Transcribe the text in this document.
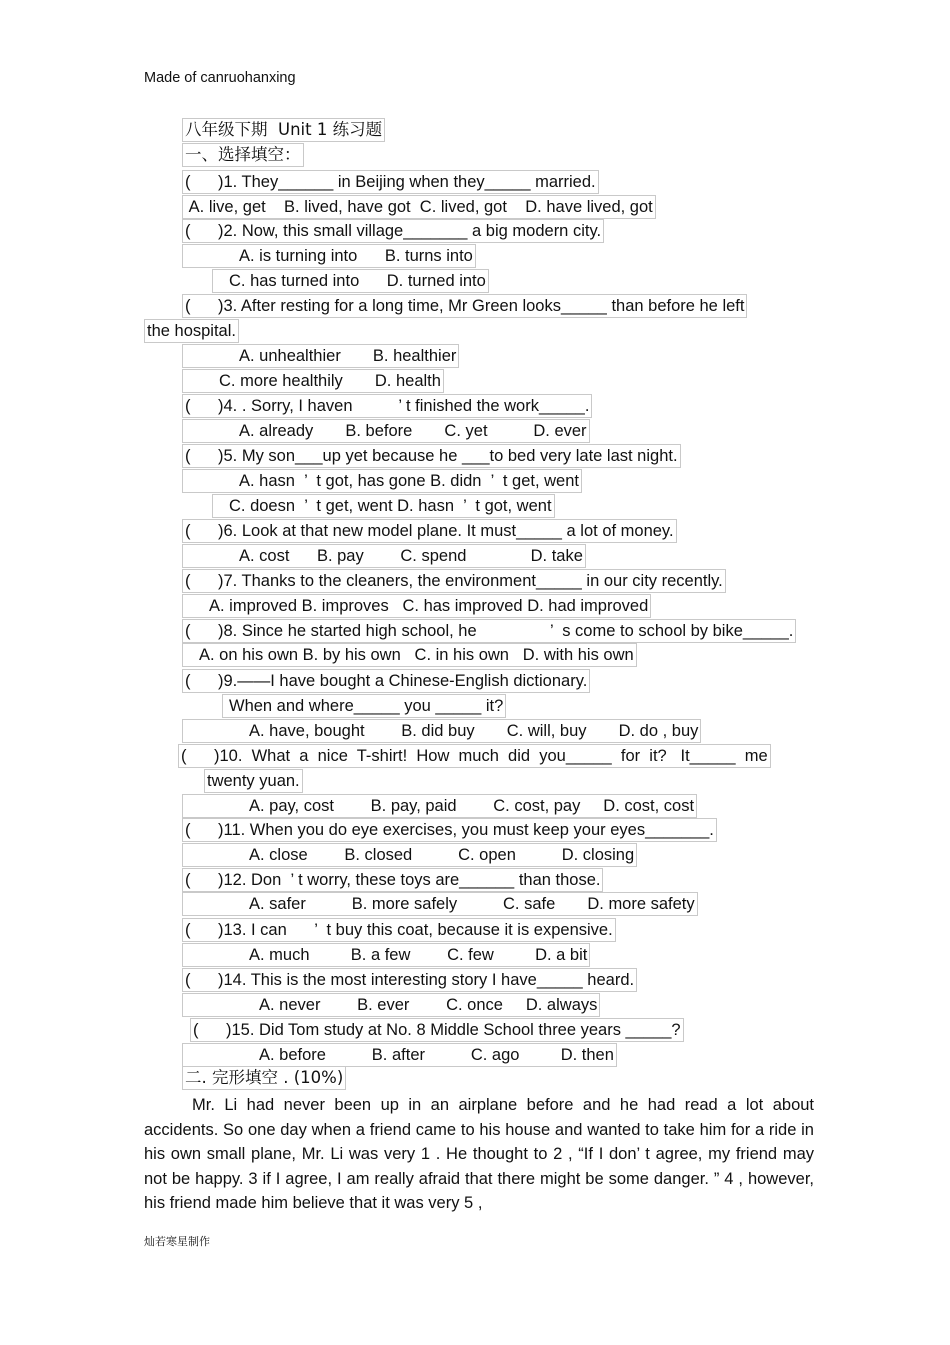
Made of canruohanxing
八年级下期  Unit 1 练习题
一、选择填空：
(      )1. They______ in Beijing when they_____ married.
A. live, get    B. lived, have got  C. lived, got    D. have lived, got
(      )2. Now, this small village_______ a big modern city.
A. is turning into      B. turns into
C. has turned into      D. turned into
(      )3. After resting for a long time, Mr Green looks_____ than before he left
the hospital.
A. unhealthier       B. healthier
C. more healthily       D. health
(      )4. . Sorry, I haven          ’ t finished the work_____.
A. already       B. before       C. yet          D. ever
(      )5. My son___up yet because he ___to bed very late last night.
A. hasn  ’  t got, has gone B. didn  ’  t get, went
C. doesn  ’  t get, went D. hasn  ’  t got, went
(      )6. Look at that new model plane. It must_____ a lot of money.
A. cost      B. pay        C. spend              D. take
(      )7. Thanks to the cleaners, the environment_____ in our city recently.
A. improved B. improves   C. has improved D. had improved
(      )8. Since he started high school, he                ’  s come to school by bike_____.
A. on his own B. by his own   C. in his own   D. with his own
(      )9.——I have bought a Chinese-English dictionary.
When and where_____ you _____ it?
A. have, bought        B. did buy       C. will, buy       D. do , buy
(      )10.  What  a  nice  T-shirt!  How  much  did  you_____  for  it?   It_____  me
twenty yuan.
A. pay, cost        B. pay, paid        C. cost, pay     D. cost, cost
(      )11. When you do eye exercises, you must keep your eyes_______.
A. close        B. closed          C. open          D. closing
(      )12. Don  ’ t worry, these toys are______ than those.
A. safer          B. more safely          C. safe       D. more safety
(      )13. I can      ’  t buy this coat, because it is expensive.
A. much         B. a few        C. few         D. a bit
(      )14. This is the most interesting story I have_____ heard.
A. never        B. ever        C. once     D. always
(      )15. Did Tom study at No. 8 Middle School three years _____?
A. before          B. after          C. ago         D. then
二. 完形填空 . (10%)
Mr. Li had never been up in an airplane before and he had read a lot about accidents. So one day when a friend came to his house and wanted to take him for a ride in his own small plane, Mr. Li was very 1 . He thought to 2 , “If I don’ t agree, my friend may not be happy. 3 if I agree, I am really afraid that there might be some danger. ” 4 , however, his friend made him believe that it was very 5 ,
灿若寒星制作
